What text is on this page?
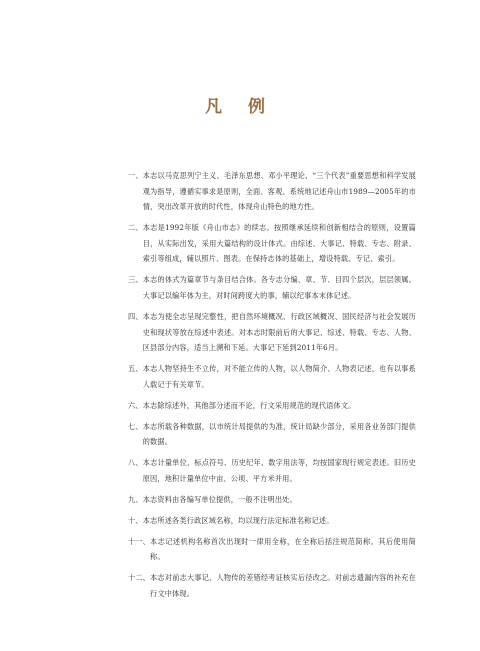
凡 例
一、 本志以马克思列宁主义、毛泽东思想、邓小平理论、“三个代表”重要思想和科学发展观为指导，遵循实事求是原则，全面、客观、系统地记述舟山市1989—2005年的市情，突出改革开放的时代性，体现舟山特色的地方性。
二、 本志是1992年版《舟山市志》的续志。按照继承延续和创新相结合的原则，设置篇目，从实际出发，采用大篇结构的设计体式。由综述、大事记、特载、专志、附录、索引等组成，辅以照片、图表。在保持志体的基础上，增设特载、专记、索引。
三、 本志的体式为篇章节与条目结合体。各专志分编、章、节、目四个层次，层层领属。大事记以编年体为主，对时间跨度大的事，辅以纪事本末体记述。
四、 本志为使全志呈现完整性，把自然环境概况、行政区域概况、国民经济与社会发展历史和现状等放在综述中表述。对本志时限前后的大事记、综述、特载、专志、人物、区县部分内容，适当上溯和下延。大事记下延到2011年6月。
五、 本志人物坚持生不立传，对不能立传的人物，以人物简介、人物表记述，也有以事系人载记于有关章节。
六、 本志除综述外，其他部分述而不论，行文采用规范的现代语体文。
七、 本志所载各种数据，以市统计局提供的为准，统计局缺少部分，采用各业务部门提供的数据。
八、 本志计量单位、标点符号、历史纪年、数字用法等，均按国家现行规定表述。旧历史原因，地积计量单位中亩、公顷、平方米并用。
九、 本志资料由各编写单位提供，一般不注明出处。
十、 本志所述各类行政区域名称，均以现行法定标准名称记述。
十一、 本志记述机构名称首次出现时一律用全称，在全称后括注规范简称。其后使用简称。
十二、 本志对前志大事记、人物传的差错经考证核实后径改之。对前志遗漏内容的补充在行文中体现。
